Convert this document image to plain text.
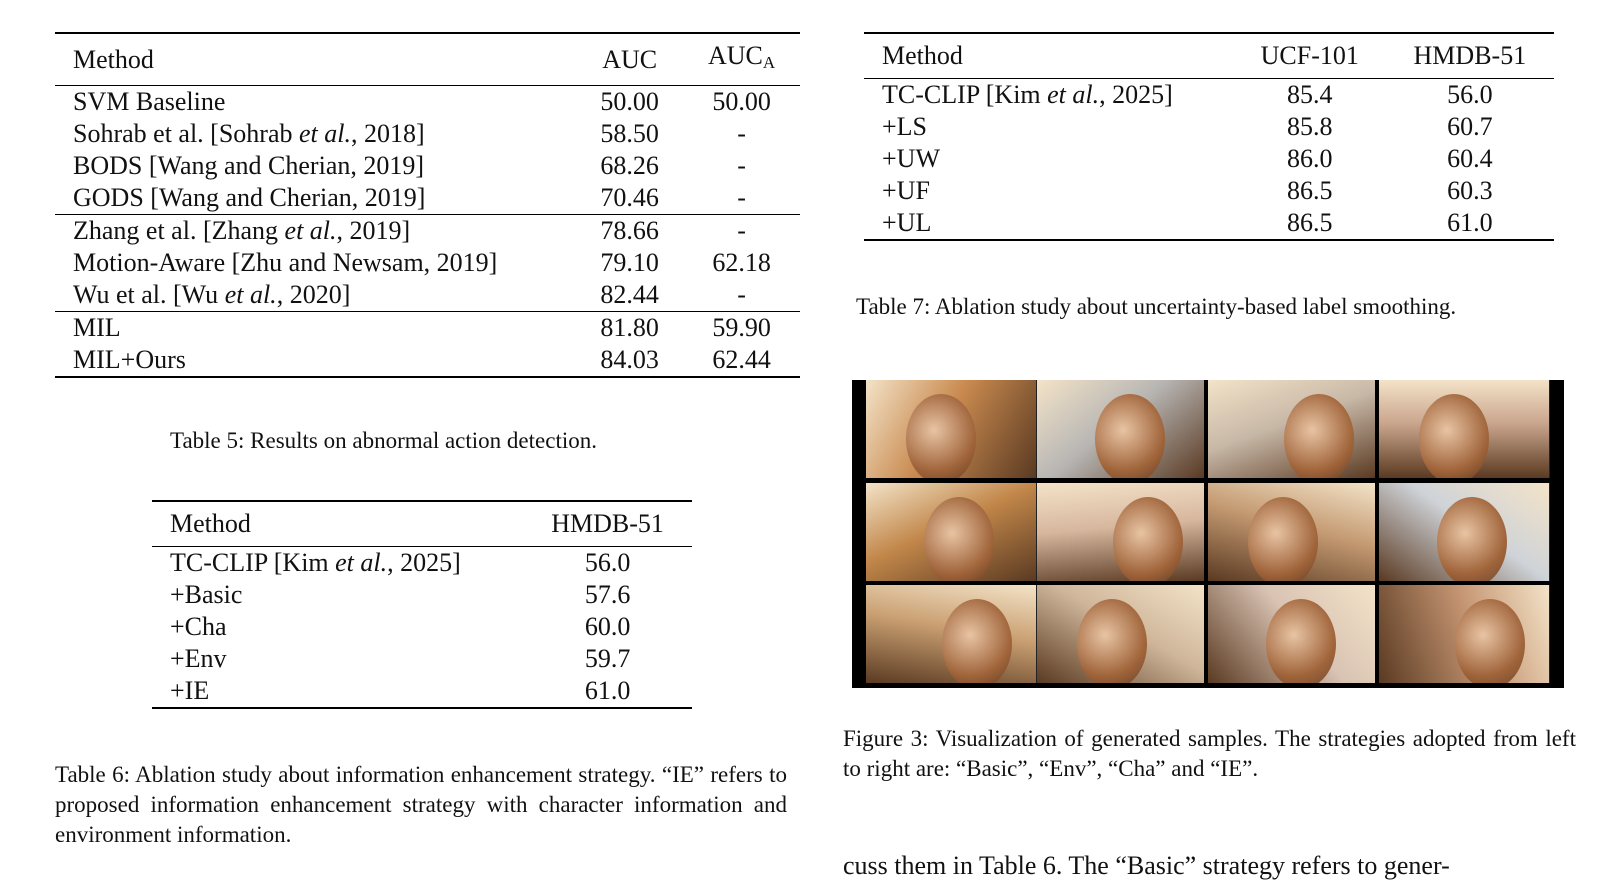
Method	AUC	$AUC_A$
SVM Baseline	50.00	50.00
Sohrab et al. [Sohrab et al., 2018]	58.50	-
BODS [Wang and Cherian, 2019]	68.26	-
GODS [Wang and Cherian, 2019]	70.46	-
Zhang et al. [Zhang et al., 2019]	78.66	-
Motion-Aware [Zhu and Newsam, 2019]	79.10	62.18
Wu et al. [Wu et al., 2020]	82.44	-
MIL	81.80	59.90
MIL+Ours	84.03	62.44
Table 5: Results on abnormal action detection.
Method	HMDB-51
TC-CLIP [Kim et al., 2025]	56.0
+Basic	57.6
+Cha	60.0
+Env	59.7
+IE	61.0
Table 6: Ablation study about information enhancement strategy. “IE” refers to proposed information enhancement strategy with character information and environment information.
Method	UCF-101	HMDB-51
TC-CLIP [Kim et al., 2025]	85.4	56.0
+LS	85.8	60.7
+UW	86.0	60.4
+UF	86.5	60.3
+UL	86.5	61.0
Table 7: Ablation study about uncertainty-based label smoothing.
Figure 3: Visualization of generated samples. The strategies adopted from left to right are: “Basic”, “Env”, “Cha” and “IE”.
cuss them in Table 6. The “Basic” strategy refers to gener-
